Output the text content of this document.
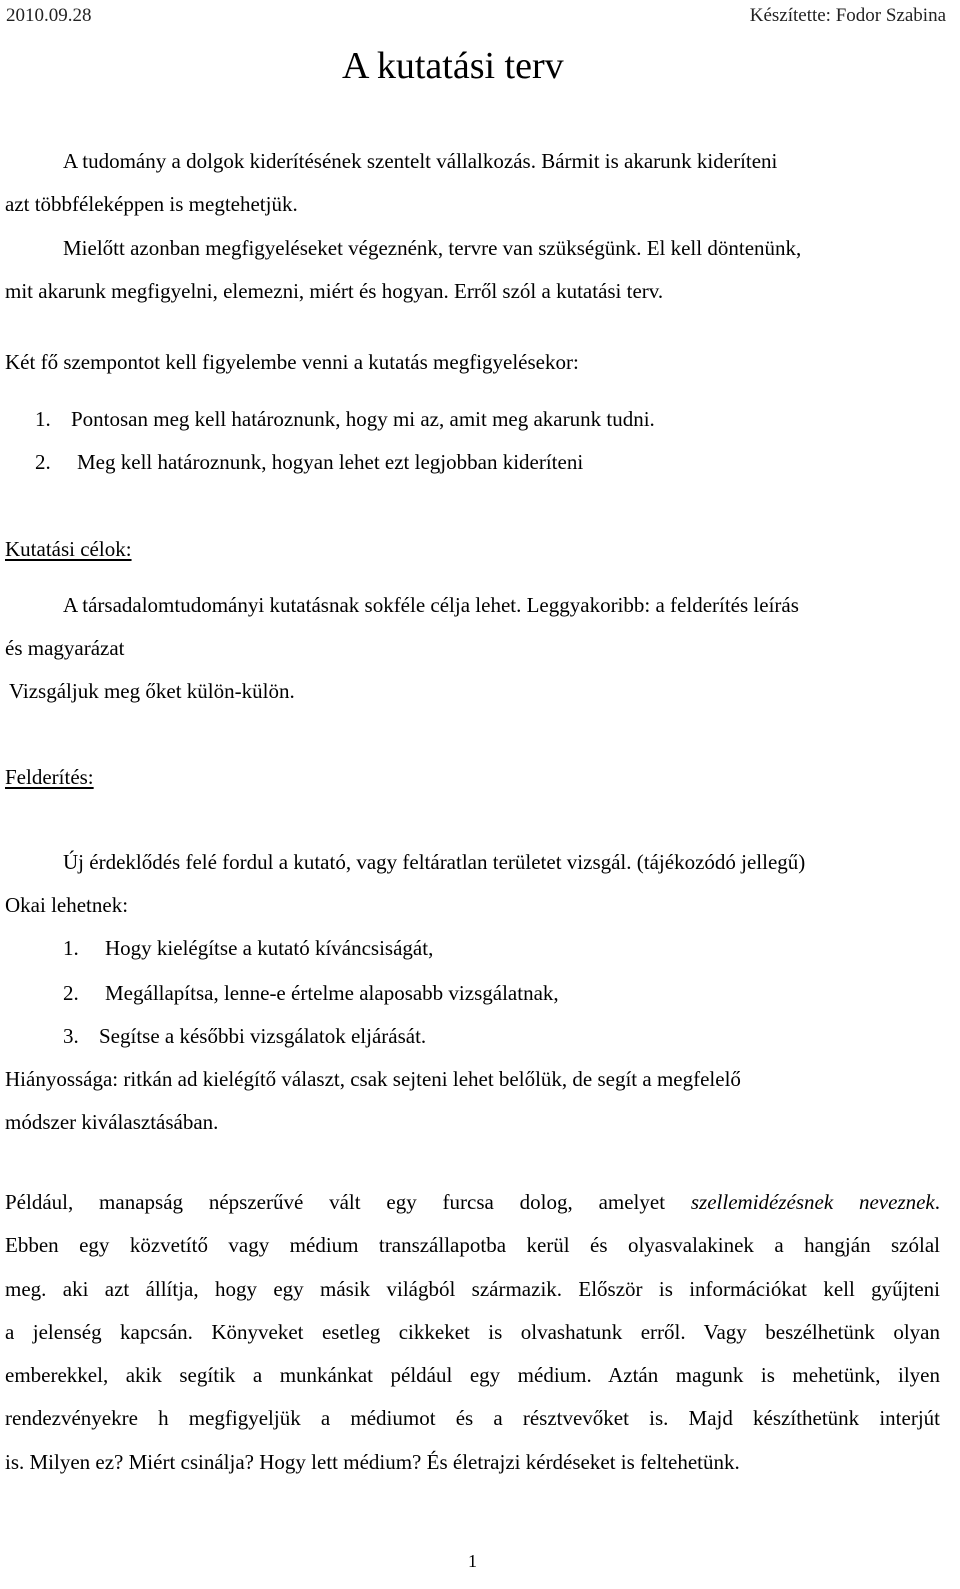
2010.09.28	Készítette: Fodor Szabina
A kutatási terv
A tudomány a dolgok kiderítésének szentelt vállalkozás. Bármit is akarunk kideríteni
azt többféleképpen is megtehetjük.
Mielőtt azonban megfigyeléseket végeznénk, tervre van szükségünk. El kell döntenünk,
mit akarunk megfigyelni, elemezni, miért és hogyan. Erről szól a kutatási terv.
Két fő szempontot kell figyelembe venni a kutatás megfigyelésekor:
1. Pontosan meg kell határoznunk, hogy mi az, amit meg akarunk tudni.
2. Meg kell határoznunk, hogyan lehet ezt legjobban kideríteni
Kutatási célok:
A társadalomtudományi kutatásnak sokféle célja lehet. Leggyakoribb: a felderítés leírás
és magyarázat
Vizsgáljuk meg őket külön-külön.
Felderítés:
Új érdeklődés felé fordul a kutató, vagy feltáratlan területet vizsgál. (tájékozódó jellegű)
Okai lehetnek:
1. Hogy kielégítse a kutató kíváncsiságát,
2. Megállapítsa, lenne-e értelme alaposabb vizsgálatnak,
3. Segítse a későbbi vizsgálatok eljárását.
Hiányossága: ritkán ad kielégítő választ, csak sejteni lehet belőlük, de segít a megfelelő
módszer kiválasztásában.
Például, manapság népszerűvé vált egy furcsa dolog, amelyet szellemidézésnek neveznek.
Ebben egy közvetítő vagy médium transzállapotba kerül és olyasvalakinek a hangján szólal
meg. aki azt állítja, hogy egy másik világból származik. Először is információkat kell gyűjteni
a jelenség kapcsán. Könyveket esetleg cikkeket is olvashatunk erről. Vagy beszélhetünk olyan
emberekkel, akik segítik a munkánkat például egy médium. Aztán magunk is mehetünk, ilyen
rendezvényekre h megfigyeljük a médiumot és a résztvevőket is. Majd készíthetünk interjút
is. Milyen ez? Miért csinálja? Hogy lett médium? És életrajzi kérdéseket is feltehetünk.
1
